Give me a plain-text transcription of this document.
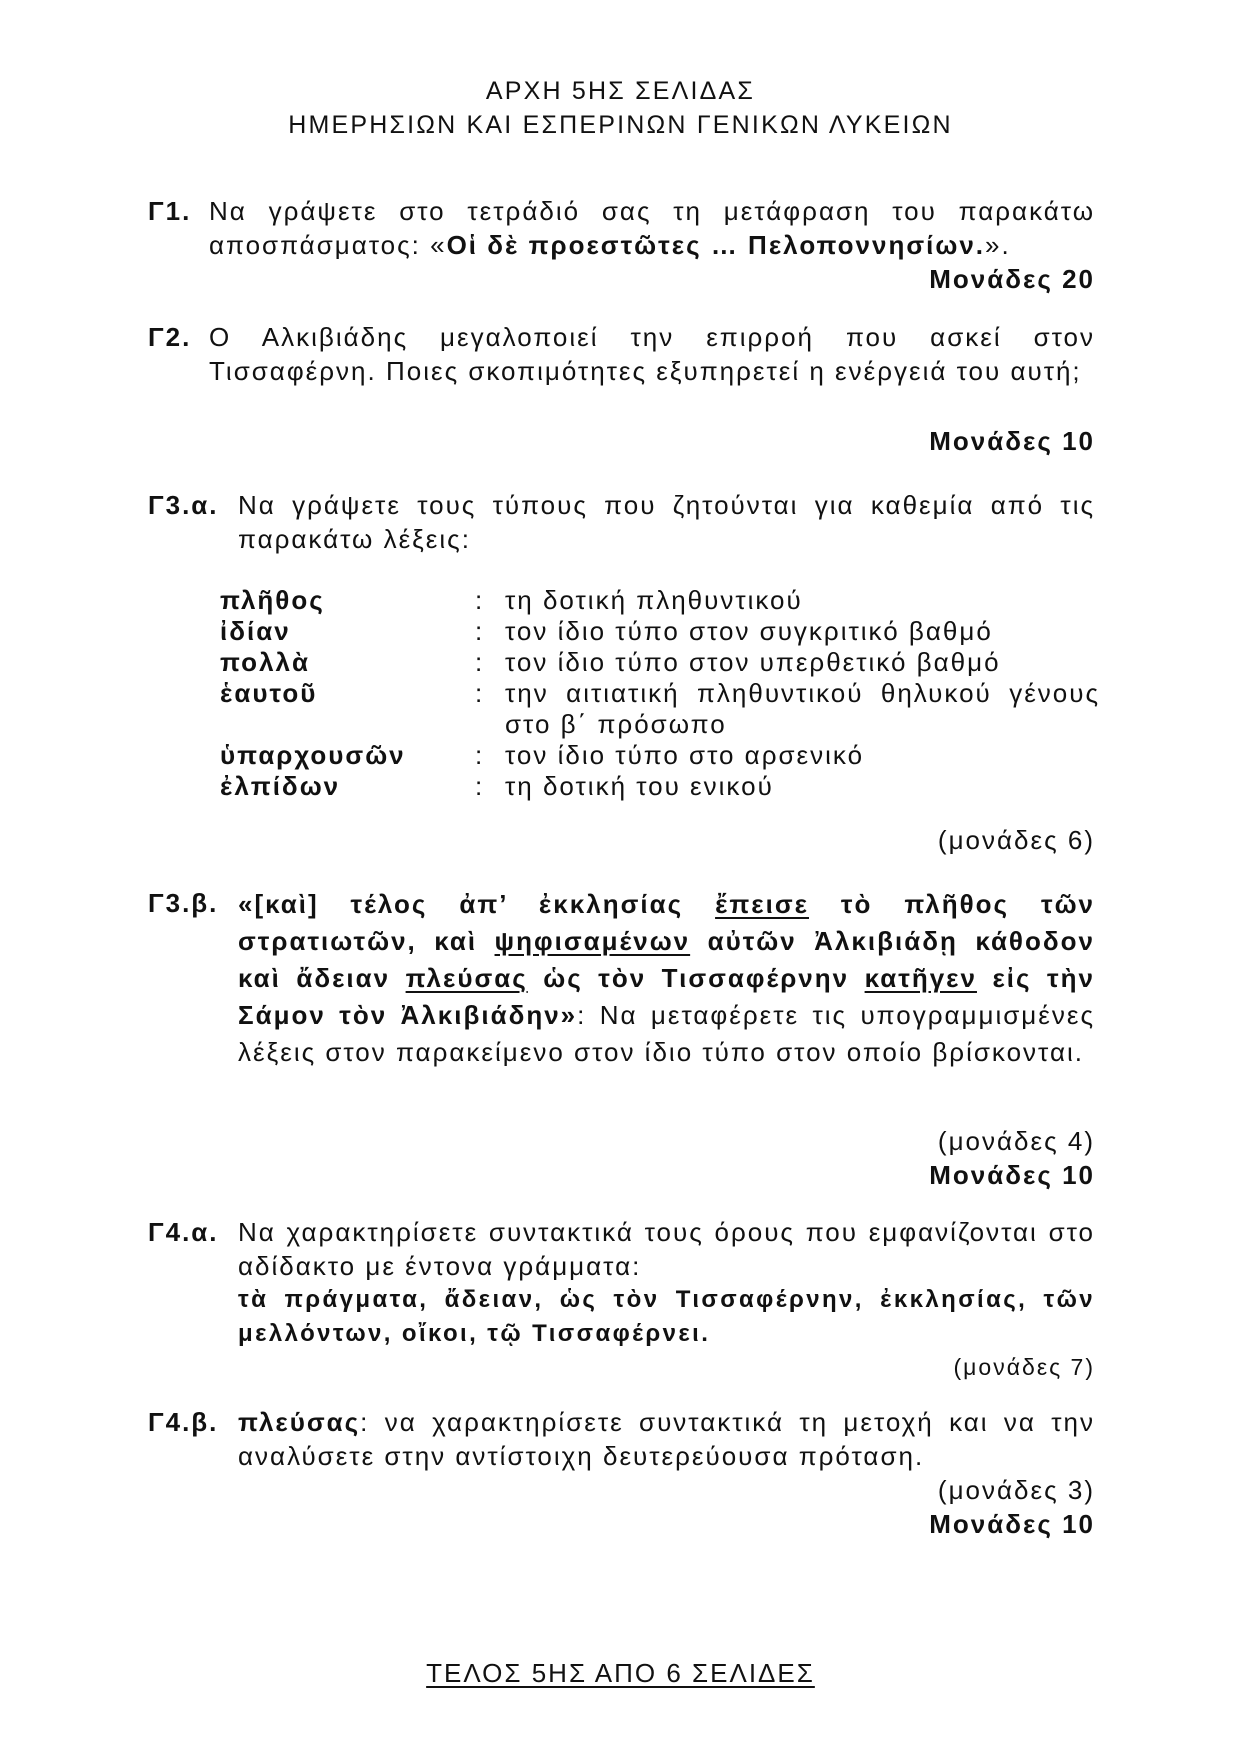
ΑΡΧΗ 5ΗΣ ΣΕΛΙΔΑΣ
ΗΜΕΡΗΣΙΩΝ ΚΑΙ ΕΣΠΕΡΙΝΩΝ ΓΕΝΙΚΩΝ ΛΥΚΕΙΩΝ
Γ1. Να γράψετε στο τετράδιό σας τη μετάφραση του παρακάτω αποσπάσματος: «Οἱ δὲ προεστῶτες … Πελοποννησίων.».
Μονάδες 20
Γ2. Ο Αλκιβιάδης μεγαλοποιεί την επιρροή που ασκεί στον Τισσαφέρνη. Ποιες σκοπιμότητες εξυπηρετεί η ενέργειά του αυτή;
Μονάδες 10
Γ3.α. Να γράψετε τους τύπους που ζητούνται για καθεμία από τις παρακάτω λέξεις:
πλῆθος	: τη δοτική πληθυντικού
ἰδίαν	: τον ίδιο τύπο στον συγκριτικό βαθμό
πολλὰ	: τον ίδιο τύπο στον υπερθετικό βαθμό
ἑαυτοῦ	: την αιτιατική πληθυντικού θηλυκού γένους στο β΄ πρόσωπο
ὑπαρχουσῶν	: τον ίδιο τύπο στο αρσενικό
ἐλπίδων	: τη δοτική του ενικού
(μονάδες 6)
Γ3.β. «[καὶ] τέλος ἀπ’ ἐκκλησίας ἔπεισε τὸ πλῆθος τῶν στρατιωτῶν, καὶ ψηφισαμένων αὐτῶν Ἀλκιβιάδῃ κάθοδον καὶ ἄδειαν πλεύσας ὡς τὸν Τισσαφέρνην κατῆγεν εἰς τὴν Σάμον τὸν Ἀλκιβιάδην»: Να μεταφέρετε τις υπογραμμισμένες λέξεις στον παρακείμενο στον ίδιο τύπο στον οποίο βρίσκονται.
(μονάδες 4)
Μονάδες 10
Γ4.α. Να χαρακτηρίσετε συντακτικά τους όρους που εμφανίζονται στο αδίδακτο με έντονα γράμματα:
τὰ πράγματα, ἄδειαν, ὡς τὸν Τισσαφέρνην, ἐκκλησίας, τῶν μελλόντων, οἴκοι, τῷ Τισσαφέρνει.
(μονάδες 7)
Γ4.β. πλεύσας: να χαρακτηρίσετε συντακτικά τη μετοχή και να την αναλύσετε στην αντίστοιχη δευτερεύουσα πρόταση.
(μονάδες 3)
Μονάδες 10
ΤΕΛΟΣ 5ΗΣ ΑΠΟ 6 ΣΕΛΙΔΕΣ
